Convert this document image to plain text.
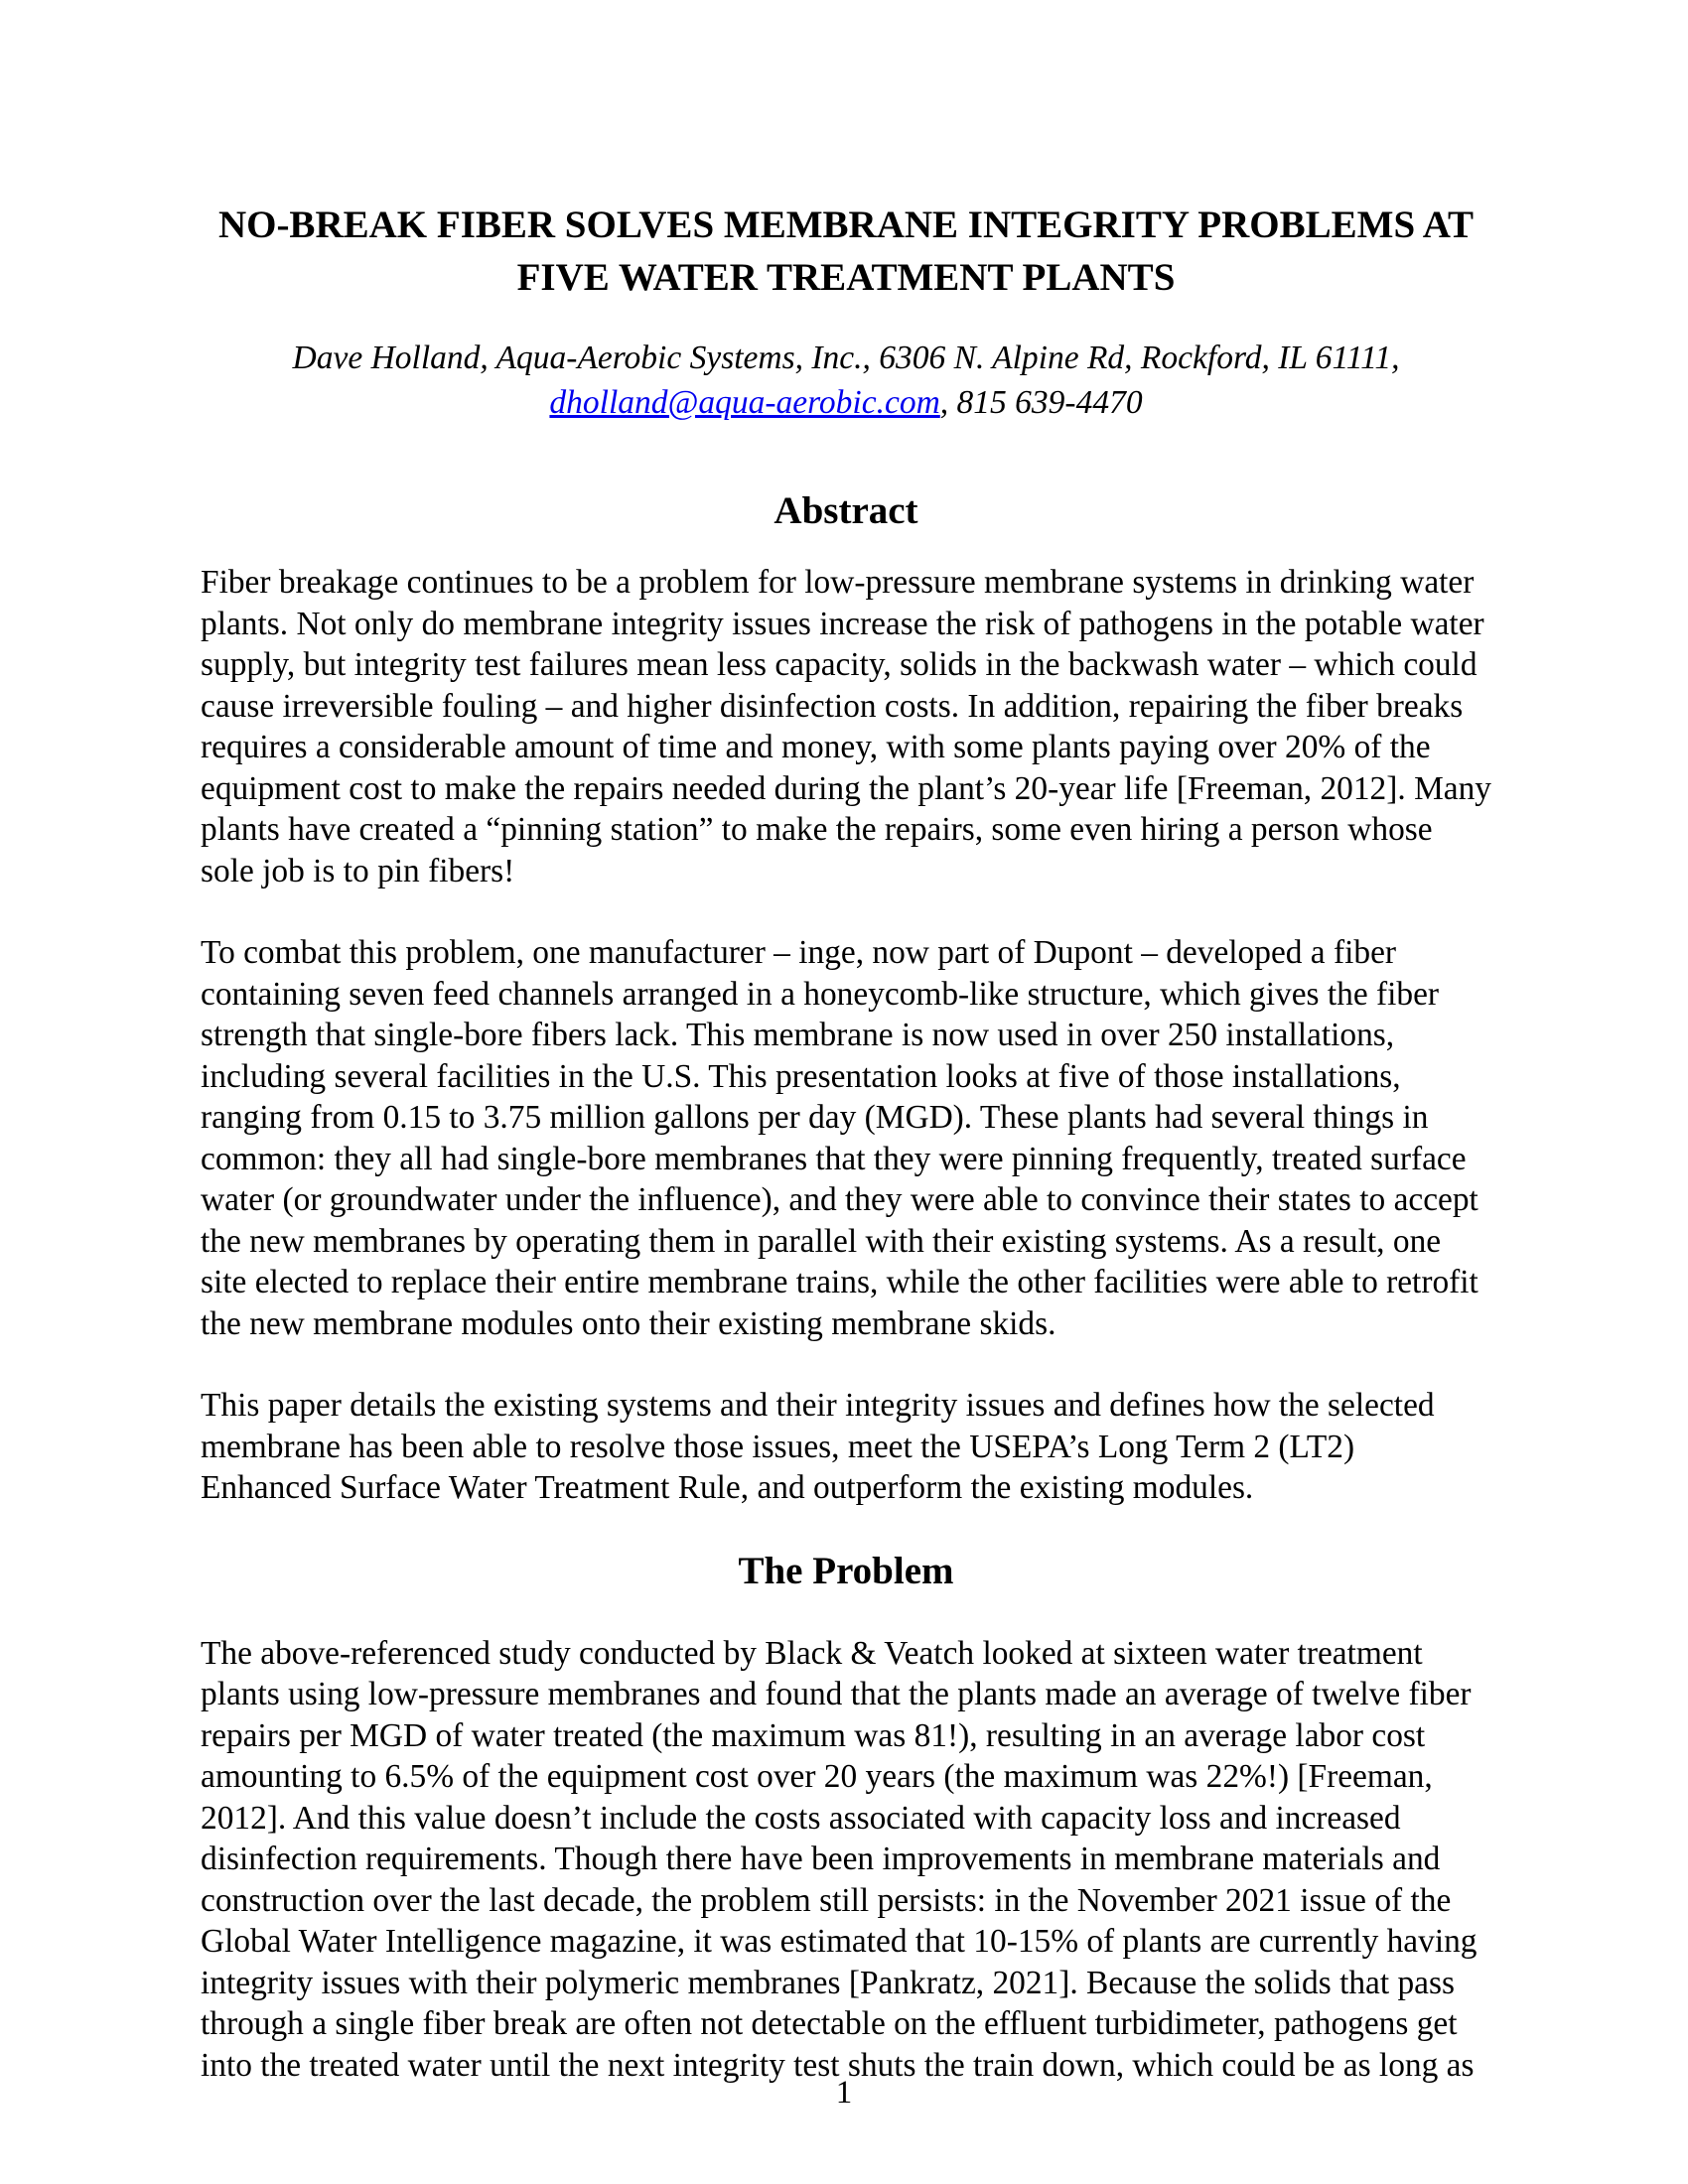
NO-BREAK FIBER SOLVES MEMBRANE INTEGRITY PROBLEMS AT
FIVE WATER TREATMENT PLANTS

Dave Holland, Aqua-Aerobic Systems, Inc., 6306 N. Alpine Rd, Rockford, IL 61111,
dholland@aqua-aerobic.com, 815 639-4470

Abstract

Fiber breakage continues to be a problem for low-pressure membrane systems in drinking water plants. Not only do membrane integrity issues increase the risk of pathogens in the potable water supply, but integrity test failures mean less capacity, solids in the backwash water – which could cause irreversible fouling – and higher disinfection costs. In addition, repairing the fiber breaks requires a considerable amount of time and money, with some plants paying over 20% of the equipment cost to make the repairs needed during the plant’s 20-year life [Freeman, 2012]. Many plants have created a “pinning station” to make the repairs, some even hiring a person whose sole job is to pin fibers!

To combat this problem, one manufacturer – inge, now part of Dupont – developed a fiber containing seven feed channels arranged in a honeycomb-like structure, which gives the fiber strength that single-bore fibers lack. This membrane is now used in over 250 installations, including several facilities in the U.S. This presentation looks at five of those installations, ranging from 0.15 to 3.75 million gallons per day (MGD). These plants had several things in common: they all had single-bore membranes that they were pinning frequently, treated surface water (or groundwater under the influence), and they were able to convince their states to accept the new membranes by operating them in parallel with their existing systems. As a result, one site elected to replace their entire membrane trains, while the other facilities were able to retrofit the new membrane modules onto their existing membrane skids.

This paper details the existing systems and their integrity issues and defines how the selected membrane has been able to resolve those issues, meet the USEPA’s Long Term 2 (LT2) Enhanced Surface Water Treatment Rule, and outperform the existing modules.

The Problem

The above-referenced study conducted by Black & Veatch looked at sixteen water treatment plants using low-pressure membranes and found that the plants made an average of twelve fiber repairs per MGD of water treated (the maximum was 81!), resulting in an average labor cost amounting to 6.5% of the equipment cost over 20 years (the maximum was 22%!) [Freeman, 2012]. And this value doesn’t include the costs associated with capacity loss and increased disinfection requirements. Though there have been improvements in membrane materials and construction over the last decade, the problem still persists: in the November 2021 issue of the Global Water Intelligence magazine, it was estimated that 10-15% of plants are currently having integrity issues with their polymeric membranes [Pankratz, 2021]. Because the solids that pass through a single fiber break are often not detectable on the effluent turbidimeter, pathogens get into the treated water until the next integrity test shuts the train down, which could be as long as

1
